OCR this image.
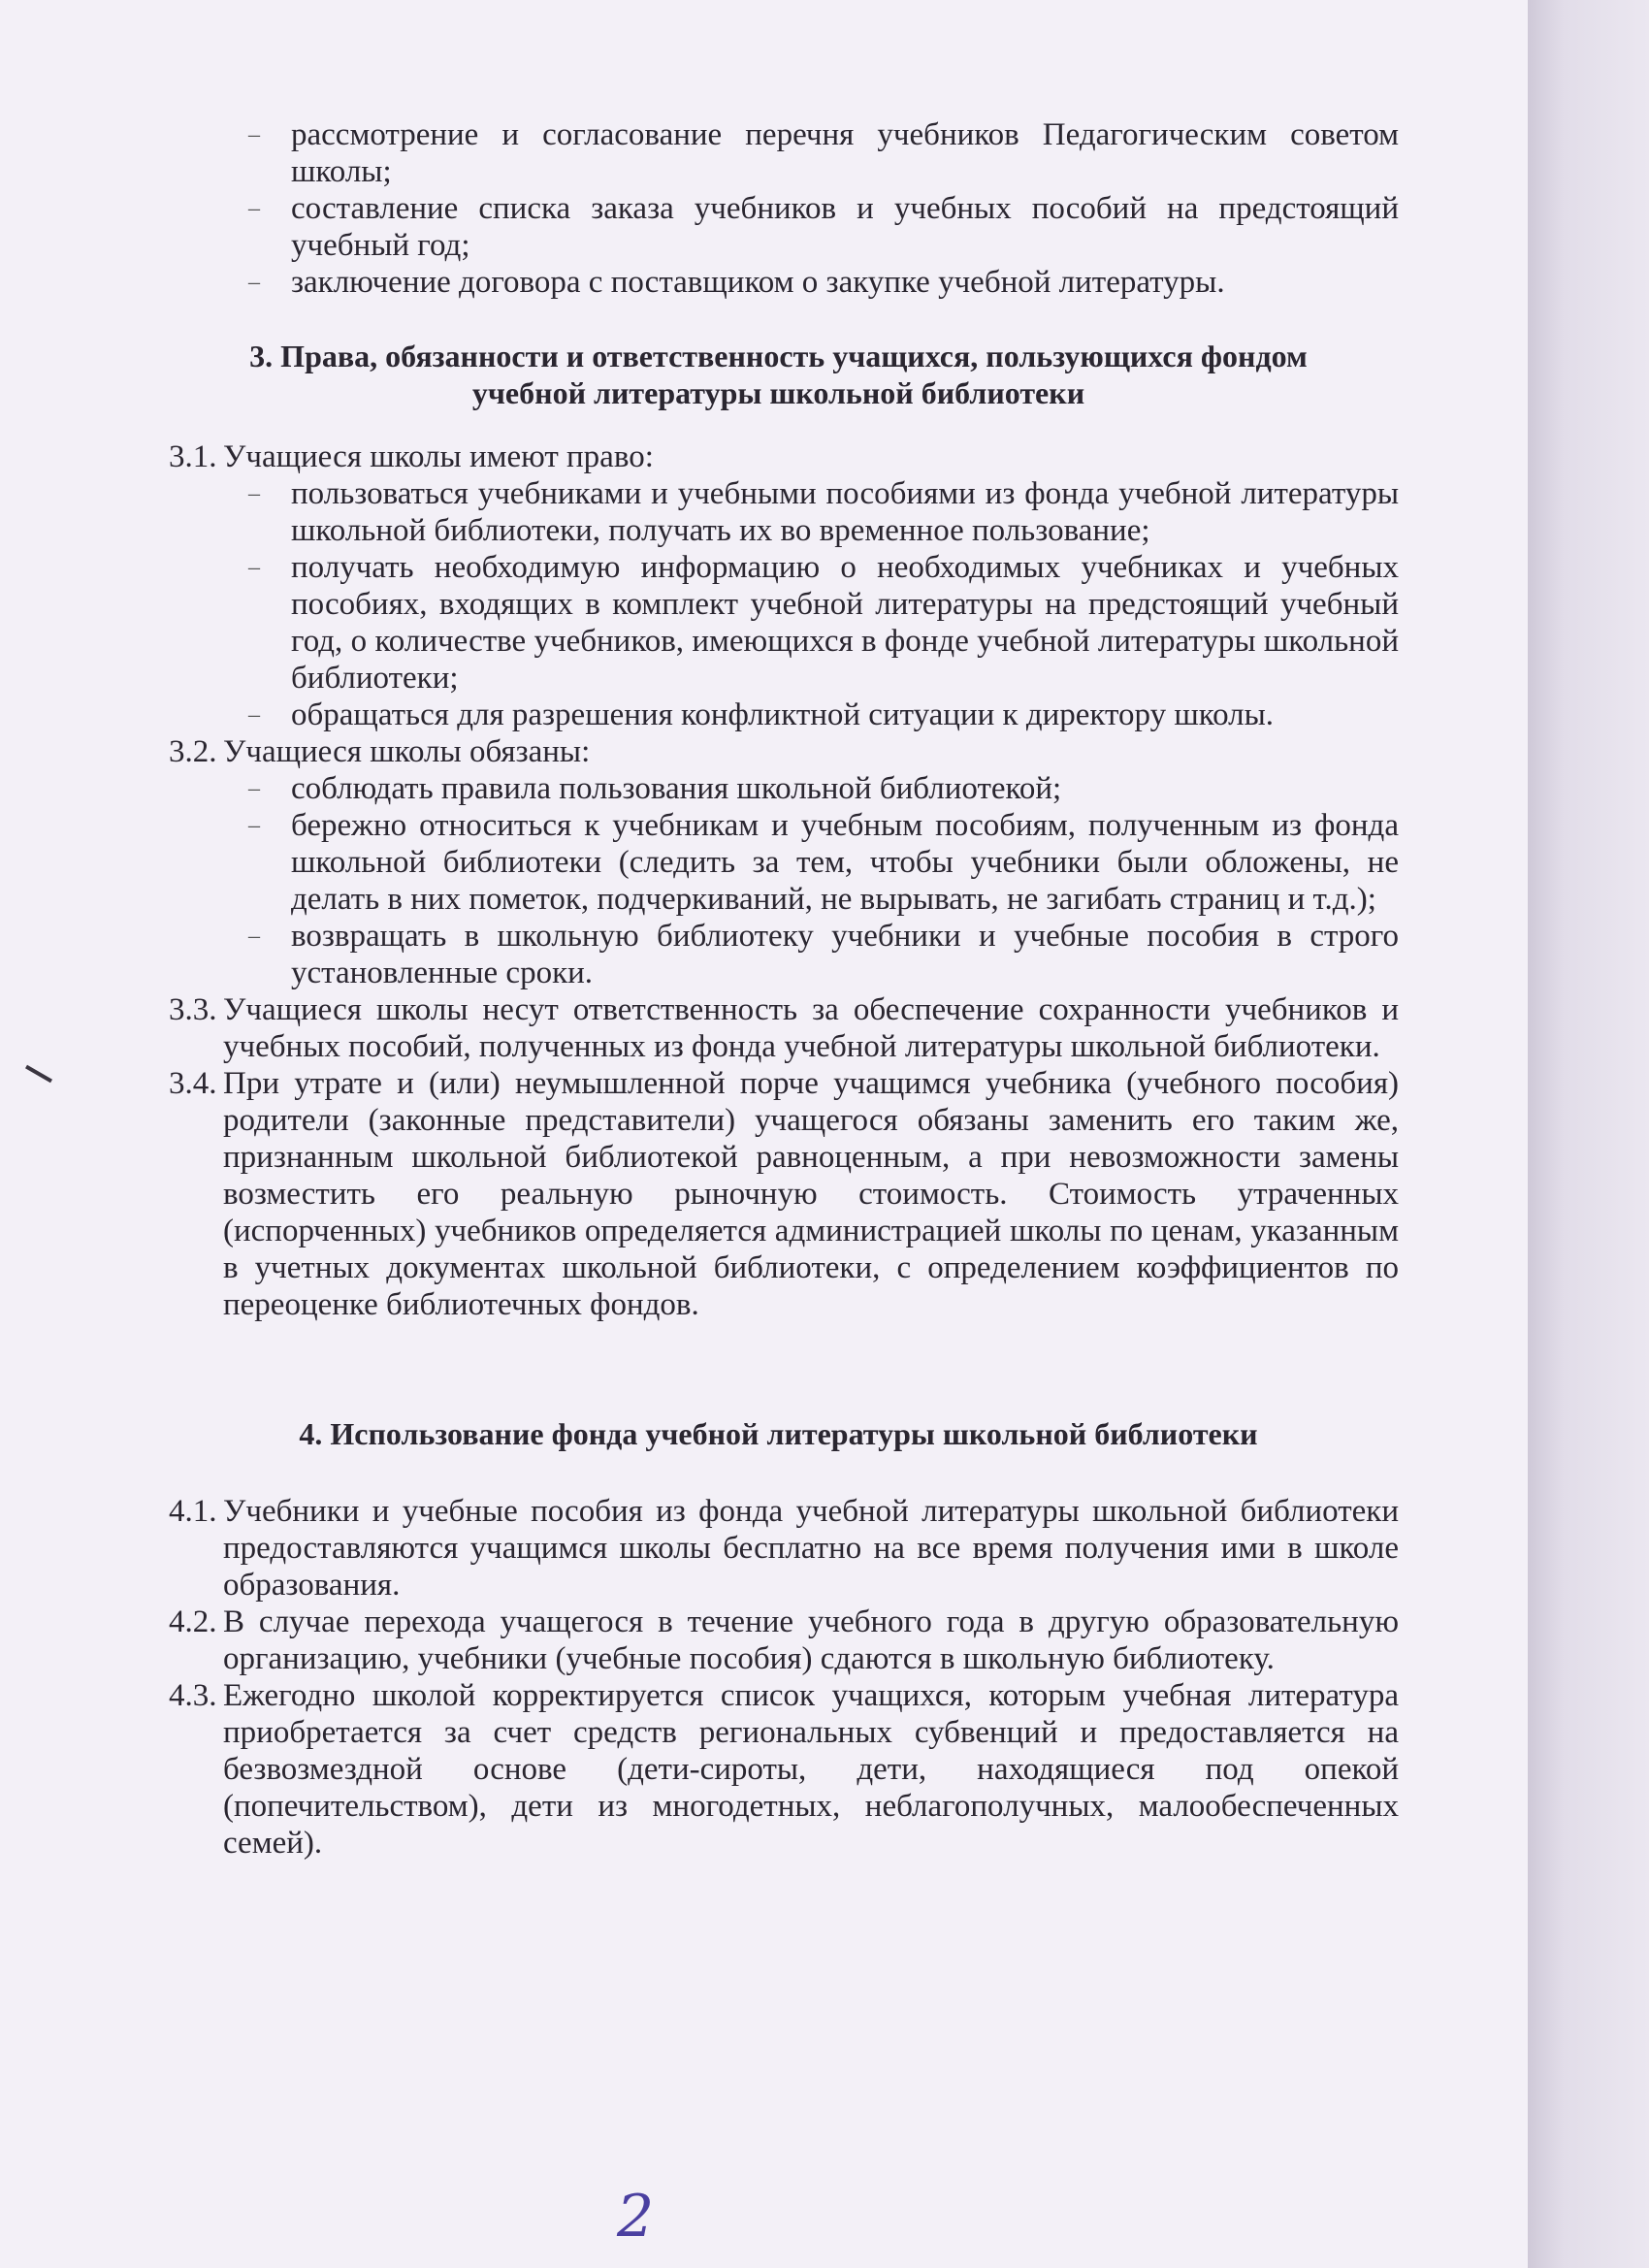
– рассмотрение и согласование перечня учебников Педагогическим советом школы;
– составление списка заказа учебников и учебных пособий на предстоящий учебный год;
– заключение договора с поставщиком о закупке учебной литературы.
3. Права, обязанности и ответственность учащихся, пользующихся фондом учебной литературы школьной библиотеки
3.1. Учащиеся школы имеют право:
– пользоваться учебниками и учебными пособиями из фонда учебной литературы школьной библиотеки, получать их во временное пользование;
– получать необходимую информацию о необходимых учебниках и учебных пособиях, входящих в комплект учебной литературы на предстоящий учебный год, о количестве учебников, имеющихся в фонде учебной литературы школьной библиотеки;
– обращаться для разрешения конфликтной ситуации к директору школы.
3.2. Учащиеся школы обязаны:
– соблюдать правила пользования школьной библиотекой;
– бережно относиться к учебникам и учебным пособиям, полученным из фонда школьной библиотеки (следить за тем, чтобы учебники были обложены, не делать в них пометок, подчеркиваний, не вырывать, не загибать страниц и т.д.);
– возвращать в школьную библиотеку учебники и учебные пособия в строго установленные сроки.
3.3. Учащиеся школы несут ответственность за обеспечение сохранности учебников и учебных пособий, полученных из фонда учебной литературы школьной библиотеки.
3.4. При утрате и (или) неумышленной порче учащимся учебника (учебного пособия) родители (законные представители) учащегося обязаны заменить его таким же, признанным школьной библиотекой равноценным, а при невозможности замены возместить его реальную рыночную стоимость. Стоимость утраченных (испорченных) учебников определяется администрацией школы по ценам, указанным в учетных документах школьной библиотеки, с определением коэффициентов по переоценке библиотечных фондов.
4. Использование фонда учебной литературы школьной библиотеки
4.1. Учебники и учебные пособия из фонда учебной литературы школьной библиотеки предоставляются учащимся школы бесплатно на все время получения ими в школе образования.
4.2. В случае перехода учащегося в течение учебного года в другую образовательную организацию, учебники (учебные пособия) сдаются в школьную библиотеку.
4.3. Ежегодно школой корректируется список учащихся, которым учебная литература приобретается за счет средств региональных субвенций и предоставляется на безвозмездной основе (дети-сироты, дети, находящиеся под опекой (попечительством), дети из многодетных, неблагополучных, малообеспеченных семей).
2
